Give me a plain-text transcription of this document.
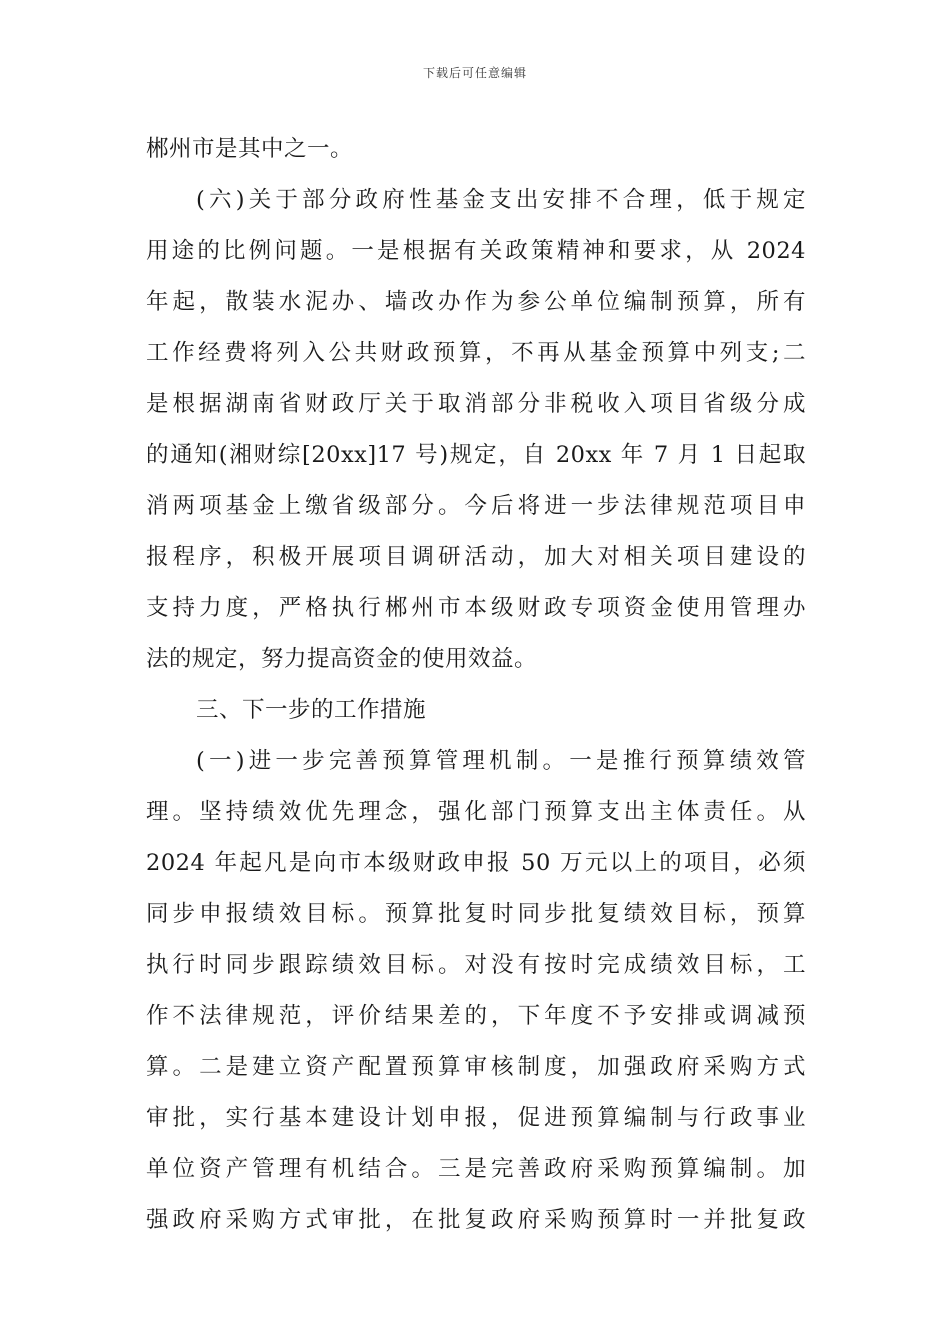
下载后可任意编辑
郴州市是其中之一。
(六)关于部分政府性基金支出安排不合理，低于规定
用途的比例问题。一是根据有关政策精神和要求，从 2024
年起，散装水泥办、墙改办作为参公单位编制预算，所有
工作经费将列入公共财政预算，不再从基金预算中列支;二
是根据湖南省财政厅关于取消部分非税收入项目省级分成
的通知(湘财综[20xx]17 号)规定，自 20xx 年 7 月 1 日起取
消两项基金上缴省级部分。今后将进一步法律规范项目申
报程序，积极开展项目调研活动，加大对相关项目建设的
支持力度，严格执行郴州市本级财政专项资金使用管理办
法的规定，努力提高资金的使用效益。
三、下一步的工作措施
(一)进一步完善预算管理机制。一是推行预算绩效管
理。坚持绩效优先理念，强化部门预算支出主体责任。从
2024 年起凡是向市本级财政申报 50 万元以上的项目，必须
同步申报绩效目标。预算批复时同步批复绩效目标，预算
执行时同步跟踪绩效目标。对没有按时完成绩效目标，工
作不法律规范，评价结果差的，下年度不予安排或调减预
算。二是建立资产配置预算审核制度，加强政府采购方式
审批，实行基本建设计划申报，促进预算编制与行政事业
单位资产管理有机结合。三是完善政府采购预算编制。加
强政府采购方式审批，在批复政府采购预算时一并批复政
